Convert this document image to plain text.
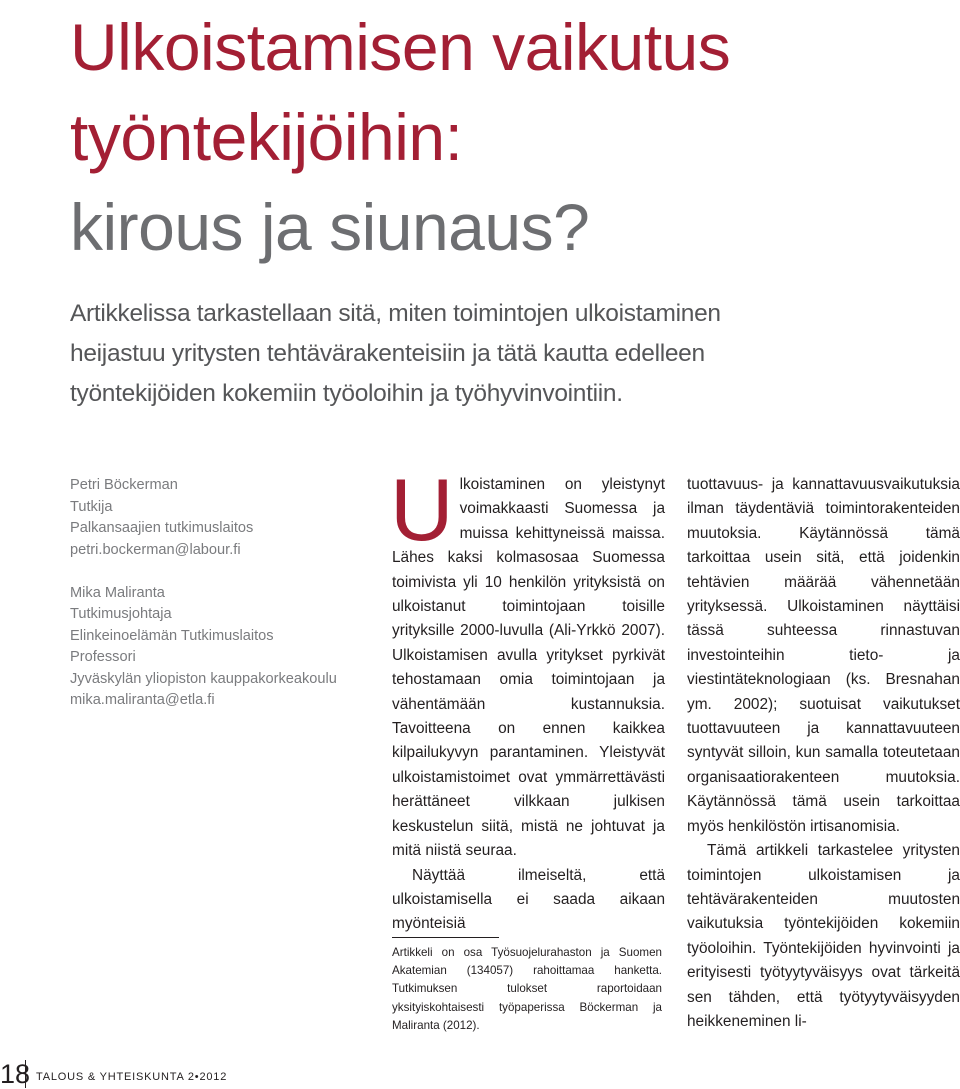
Ulkoistamisen vaikutus
työntekijöihin:
kirous ja siunaus?
Artikkelissa tarkastellaan sitä, miten toimintojen ulkoistaminen
heijastuu yritysten tehtävärakenteisiin ja tätä kautta edelleen
työntekijöiden kokemiin työoloihin ja työhyvinvointiin.
Petri Böckerman
Tutkija
Palkansaajien tutkimuslaitos
petri.bockerman@labour.fi
Mika Maliranta
Tutkimusjohtaja
Elinkeinoelämän Tutkimuslaitos
Professori
Jyväskylän yliopiston kauppakorkeakoulu
mika.maliranta@etla.fi

Ulkoistaminen on yleistynyt voimakkaasti Suomessa ja muissa kehittyneissä maissa. Lähes kaksi kolmasosaa Suomessa toimivista yli 10 henkilön yrityksistä on ulkoistanut toimintojaan toisille yrityksille 2000-luvulla (Ali-Yrkkö 2007). Ulkoistamisen avulla yritykset pyrkivät tehostamaan omia toimintojaan ja vähentämään kustannuksia. Tavoitteena on ennen kaikkea kilpailukyvyn parantaminen. Yleistyvät ulkoistamistoimet ovat ymmärrettävästi herättäneet vilkkaan julkisen keskustelun siitä, mistä ne johtuvat ja mitä niistä seuraa.

Näyttää ilmeiseltä, että ulkoistamisella ei saada aikaan myönteisiä

Artikkeli on osa Työsuojelurahaston ja Suomen Akatemian (134057) rahoittamaa hanketta. Tutkimuksen tulokset raportoidaan yksityiskohtaisesti työpaperissa Böckerman ja Maliranta (2012).

tuottavuus- ja kannattavuusvaikutuksia ilman täydentäviä toimintorakenteiden muutoksia. Käytännössä tämä tarkoittaa usein sitä, että joidenkin tehtävien määrää vähennetään yrityksessä. Ulkoistaminen näyttäisi tässä suhteessa rinnastuvan investointeihin tieto- ja viestintäteknologiaan (ks. Bresnahan ym. 2002); suotuisat vaikutukset tuottavuuteen ja kannattavuuteen syntyvät silloin, kun samalla toteutetaan organisaatiorakenteen muutoksia. Käytännössä tämä usein tarkoittaa myös henkilöstön irtisanomisia.

Tämä artikkeli tarkastelee yritysten toimintojen ulkoistamisen ja tehtävärakenteiden muutosten vaikutuksia työntekijöiden kokemiin työoloihin. Työntekijöiden hyvinvointi ja erityisesti työtyytyväisyys ovat tärkeitä sen tähden, että työtyytyväisyyden heikkeneminen li-

18 TALOUS & YHTEISKUNTA 2•2012
